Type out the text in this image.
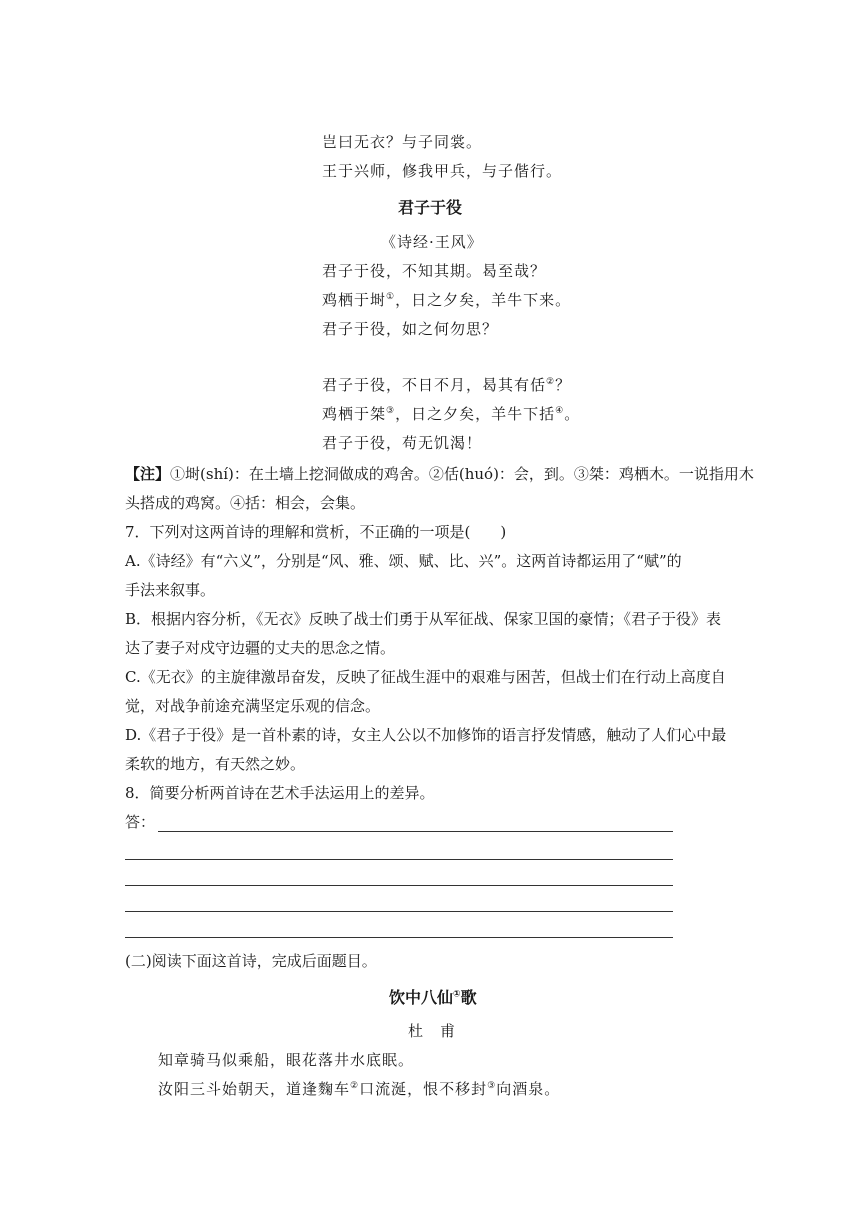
岂曰无衣？与子同裳。
王于兴师，修我甲兵，与子偕行。
君子于役
《诗经·王风》
君子于役，不知其期。曷至哉？
鸡栖于埘①，日之夕矣，羊牛下来。
君子于役，如之何勿思？
君子于役，不日不月，曷其有佸②？
鸡栖于桀③，日之夕矣，羊牛下括④。
君子于役，苟无饥渴！
【注】①埘(shí)：在土墙上挖洞做成的鸡舍。②佸(huó)：会，到。③桀：鸡栖木。一说指用木
头搭成的鸡窝。④括：相会，会集。
7．下列对这两首诗的理解和赏析，不正确的一项是(　　)
A.《诗经》有“六义”，分别是“风、雅、颂、赋、比、兴”。这两首诗都运用了“赋”的
手法来叙事。
B．根据内容分析，《无衣》反映了战士们勇于从军征战、保家卫国的豪情；《君子于役》表
达了妻子对戍守边疆的丈夫的思念之情。
C.《无衣》的主旋律激昂奋发，反映了征战生涯中的艰难与困苦，但战士们在行动上高度自
觉，对战争前途充满坚定乐观的信念。
D.《君子于役》是一首朴素的诗，女主人公以不加修饰的语言抒发情感，触动了人们心中最
柔软的地方，有天然之妙。
8．简要分析两首诗在艺术手法运用上的差异。
答：
(二)阅读下面这首诗，完成后面题目。
饮中八仙①歌
杜　甫
知章骑马似乘船，眼花落井水底眠。
汝阳三斗始朝天，道逢麴车②口流涎，恨不移封③向酒泉。
